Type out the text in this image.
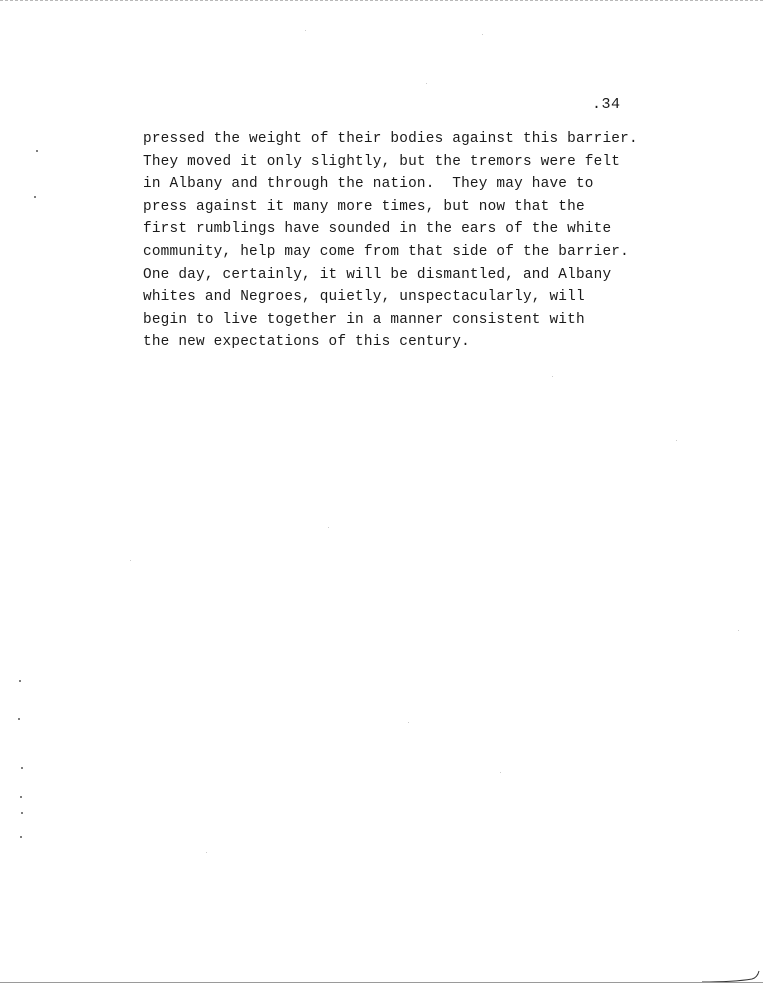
.34
pressed the weight of their bodies against this barrier.
They moved it only slightly, but the tremors were felt
in Albany and through the nation.  They may have to
press against it many more times, but now that the
first rumblings have sounded in the ears of the white
community, help may come from that side of the barrier.
One day, certainly, it will be dismantled, and Albany
whites and Negroes, quietly, unspectacularly, will
begin to live together in a manner consistent with
the new expectations of this century.
